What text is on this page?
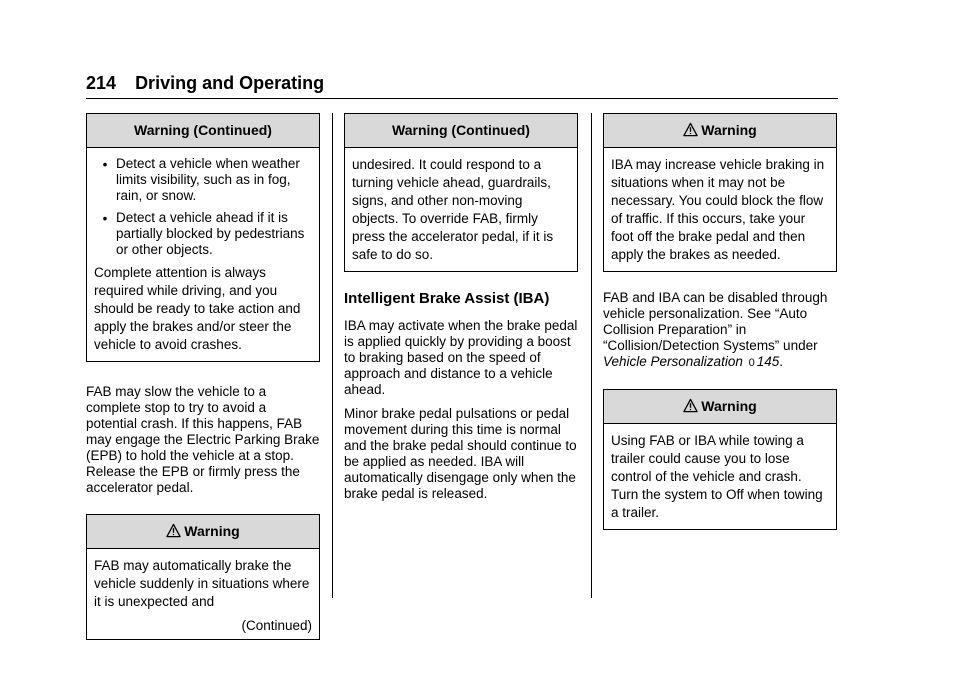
214 Driving and Operating
Warning (Continued)
• Detect a vehicle when weather limits visibility, such as in fog, rain, or snow.
• Detect a vehicle ahead if it is partially blocked by pedestrians or other objects.

Complete attention is always required while driving, and you should be ready to take action and apply the brakes and/or steer the vehicle to avoid crashes.

FAB may slow the vehicle to a complete stop to try to avoid a potential crash. If this happens, FAB may engage the Electric Parking Brake (EPB) to hold the vehicle at a stop. Release the EPB or firmly press the accelerator pedal.

Warning

FAB may automatically brake the vehicle suddenly in situations where it is unexpected and

(Continued)
Warning (Continued)

undesired. It could respond to a turning vehicle ahead, guardrails, signs, and other non-moving objects. To override FAB, firmly press the accelerator pedal, if it is safe to do so.

Intelligent Brake Assist (IBA)

IBA may activate when the brake pedal is applied quickly by providing a boost to braking based on the speed of approach and distance to a vehicle ahead.

Minor brake pedal pulsations or pedal movement during this time is normal and the brake pedal should continue to be applied as needed. IBA will automatically disengage only when the brake pedal is released.

Warning

IBA may increase vehicle braking in situations when it may not be necessary. You could block the flow of traffic. If this occurs, take your foot off the brake pedal and then apply the brakes as needed.

FAB and IBA can be disabled through vehicle personalization. See “Auto Collision Preparation” in “Collision/Detection Systems” under Vehicle Personalization 0 145.

Warning

Using FAB or IBA while towing a trailer could cause you to lose control of the vehicle and crash. Turn the system to Off when towing a trailer.
